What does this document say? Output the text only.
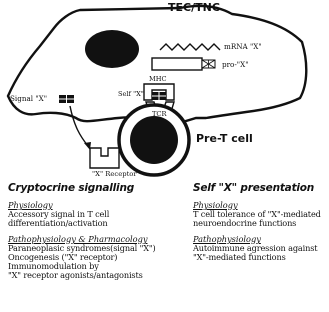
TEC/TNC
mRNA "X"
pro-"X"
MHC
Self "X"
TCR
Signal "X"
Pre-T cell
"X" Receptor
Cryptocrine signalling
Physiology
Accessory signal in T cell
differentiation/activation
Pathophysiology & Pharmacology
Paraneoplasic syndromes(signal "X")
Oncogenesis ("X" receptor)
Immunomodulation by
"X" receptor agonists/antagonists
Self "X" presentation
Physiology
T cell tolerance of "X"-mediated
neuroendocrine functions
Pathophysiology
Autoimmune agression against
"X"-mediated functions
